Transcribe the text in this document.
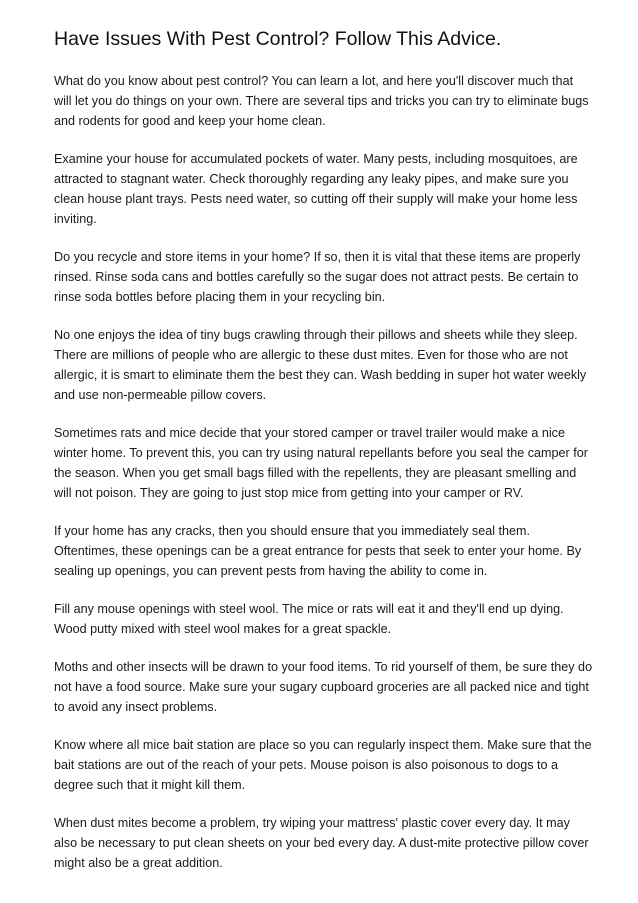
Have Issues With Pest Control? Follow This Advice.

What do you know about pest control? You can learn a lot, and here you'll discover much that will let you do things on your own. There are several tips and tricks you can try to eliminate bugs and rodents for good and keep your home clean.

Examine your house for accumulated pockets of water. Many pests, including mosquitoes, are attracted to stagnant water. Check thoroughly regarding any leaky pipes, and make sure you clean house plant trays. Pests need water, so cutting off their supply will make your home less inviting.

Do you recycle and store items in your home? If so, then it is vital that these items are properly rinsed. Rinse soda cans and bottles carefully so the sugar does not attract pests. Be certain to rinse soda bottles before placing them in your recycling bin.

No one enjoys the idea of tiny bugs crawling through their pillows and sheets while they sleep. There are millions of people who are allergic to these dust mites. Even for those who are not allergic, it is smart to eliminate them the best they can. Wash bedding in super hot water weekly and use non-permeable pillow covers.

Sometimes rats and mice decide that your stored camper or travel trailer would make a nice winter home. To prevent this, you can try using natural repellants before you seal the camper for the season. When you get small bags filled with the repellents, they are pleasant smelling and will not poison. They are going to just stop mice from getting into your camper or RV.

If your home has any cracks, then you should ensure that you immediately seal them. Oftentimes, these openings can be a great entrance for pests that seek to enter your home. By sealing up openings, you can prevent pests from having the ability to come in.

Fill any mouse openings with steel wool. The mice or rats will eat it and they'll end up dying. Wood putty mixed with steel wool makes for a great spackle.

Moths and other insects will be drawn to your food items. To rid yourself of them, be sure they do not have a food source. Make sure your sugary cupboard groceries are all packed nice and tight to avoid any insect problems.

Know where all mice bait station are place so you can regularly inspect them. Make sure that the bait stations are out of the reach of your pets. Mouse poison is also poisonous to dogs to a degree such that it might kill them.

When dust mites become a problem, try wiping your mattress' plastic cover every day. It may also be necessary to put clean sheets on your bed every day. A dust-mite protective pillow cover might also be a great addition.
